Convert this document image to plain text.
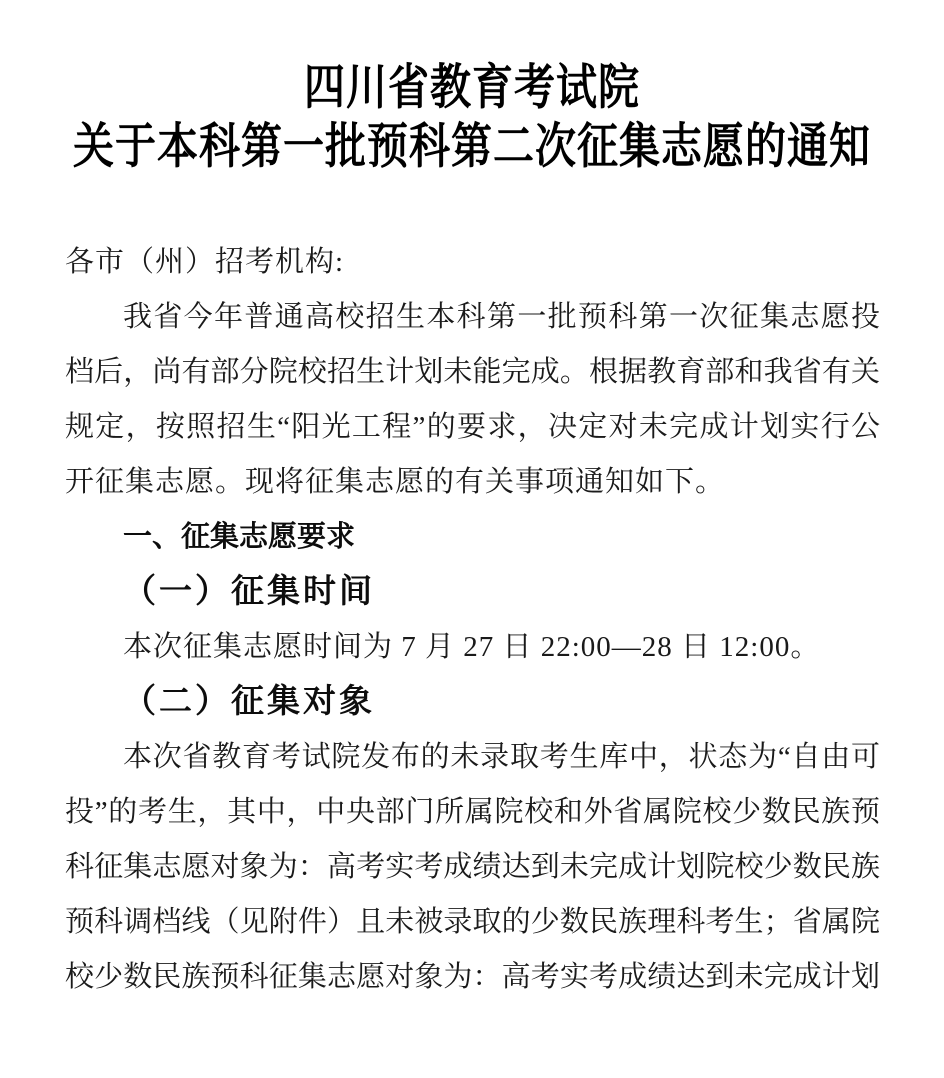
四川省教育考试院
关于本科第一批预科第二次征集志愿的通知
各市（州）招考机构:
我省今年普通高校招生本科第一批预科第一次征集志愿投
档后，尚有部分院校招生计划未能完成。根据教育部和我省有关
规定，按照招生“阳光工程”的要求，决定对未完成计划实行公
开征集志愿。现将征集志愿的有关事项通知如下。
一、征集志愿要求
（一）征集时间
本次征集志愿时间为 7 月 27 日 22:00—28 日 12:00。
（二）征集对象
本次省教育考试院发布的未录取考生库中，状态为“自由可
投”的考生，其中，中央部门所属院校和外省属院校少数民族预
科征集志愿对象为：高考实考成绩达到未完成计划院校少数民族
预科调档线（见附件）且未被录取的少数民族理科考生；省属院
校少数民族预科征集志愿对象为：高考实考成绩达到未完成计划
